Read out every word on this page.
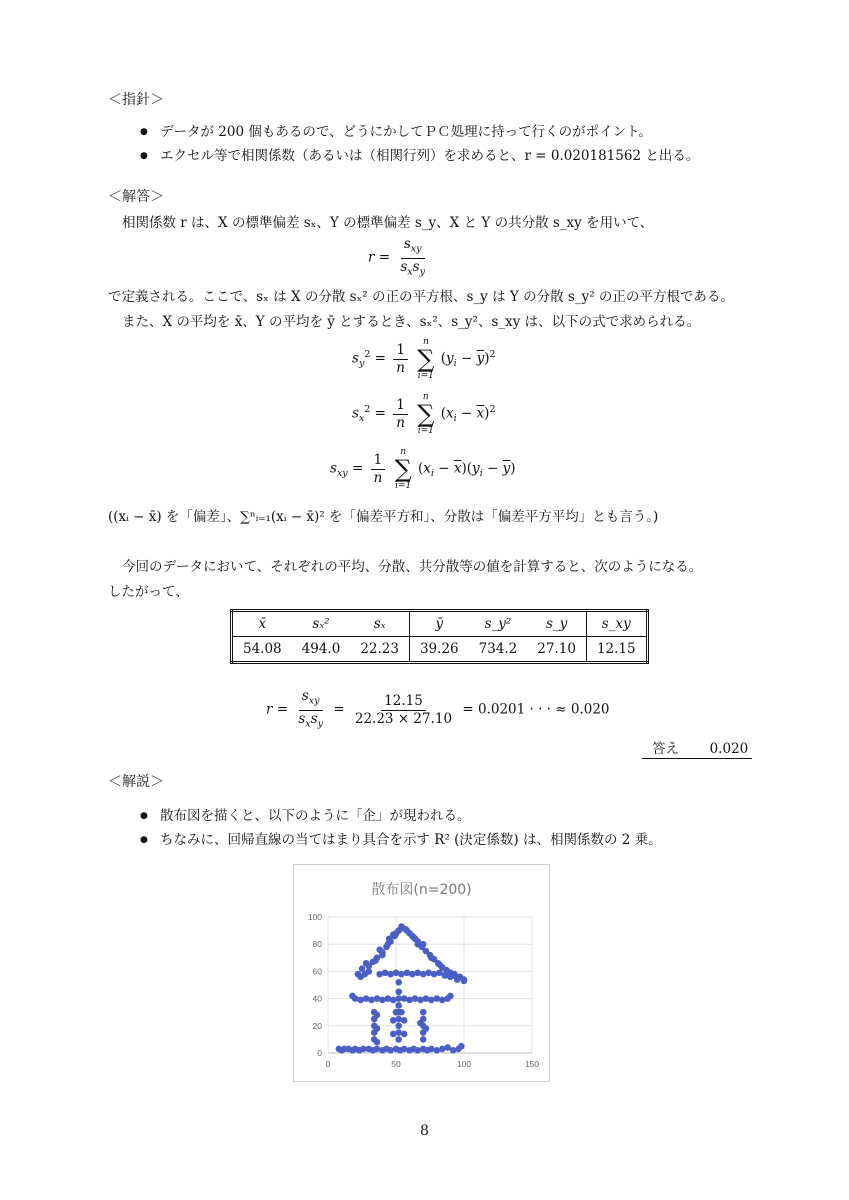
＜指針＞
● データが 200 個もあるので、どうにかしてＰＣ処理に持って行くのがポイント。
● エクセル等で相関係数（あるいは（相関行列）を求めると、r = 0.020181562 と出る。
＜解答＞
相関係数 r は、X の標準偏差 sₓ、Y の標準偏差 s_y、X と Y の共分散 s_xy を用いて、
$r = \frac{s_{xy}}{s_xs_y}$
で定義される。ここで、sₓ は X の分散 sₓ² の正の平方根、s_y は Y の分散 s_y² の正の平方根である。
また、X の平均を x̄、Y の平均を ȳ とするとき、sₓ²、s_y²、s_xy は、以下の式で求められる。
$s_y^2 = \frac{1}{n}$
n
∑
i=1
$(y_i - \overline{y})^2$
$s_x^2 = \frac{1}{n}$
n
∑
i=1
$(x_i - \overline{x})^2$
$s_{xy} = \frac{1}{n}$
n
∑
i=1
$(x_i - \overline{x})(y_i - \overline{y})$
((xᵢ − x̄) を「偏差」、∑ⁿᵢ₌₁(xᵢ − x̄)² を「偏差平方和」、分散は「偏差平方平均」とも言う。)
今回のデータにおいて、それぞれの平均、分散、共分散等の値を計算すると、次のようになる。
したがって、
x̄	sₓ²	sₓ	ȳ	s_y²	s_y	s_xy
54.08	494.0	22.23	39.26	734.2	27.10	12.15
$r = \frac{s_{xy}}{s_xs_y} = \frac{12.15}{22.23 \times 27.10} = 0.0201$ · · · ≈ 0.020
答え 0.020
＜解説＞
● 散布図を描くと、以下のように「企」が現われる。
● ちなみに、回帰直線の当てはまり具合を示す R² (決定係数) は、相関係数の 2 乗。
散布図(n=200)
0
20
40
60
80
100
0	50	100	150
8
